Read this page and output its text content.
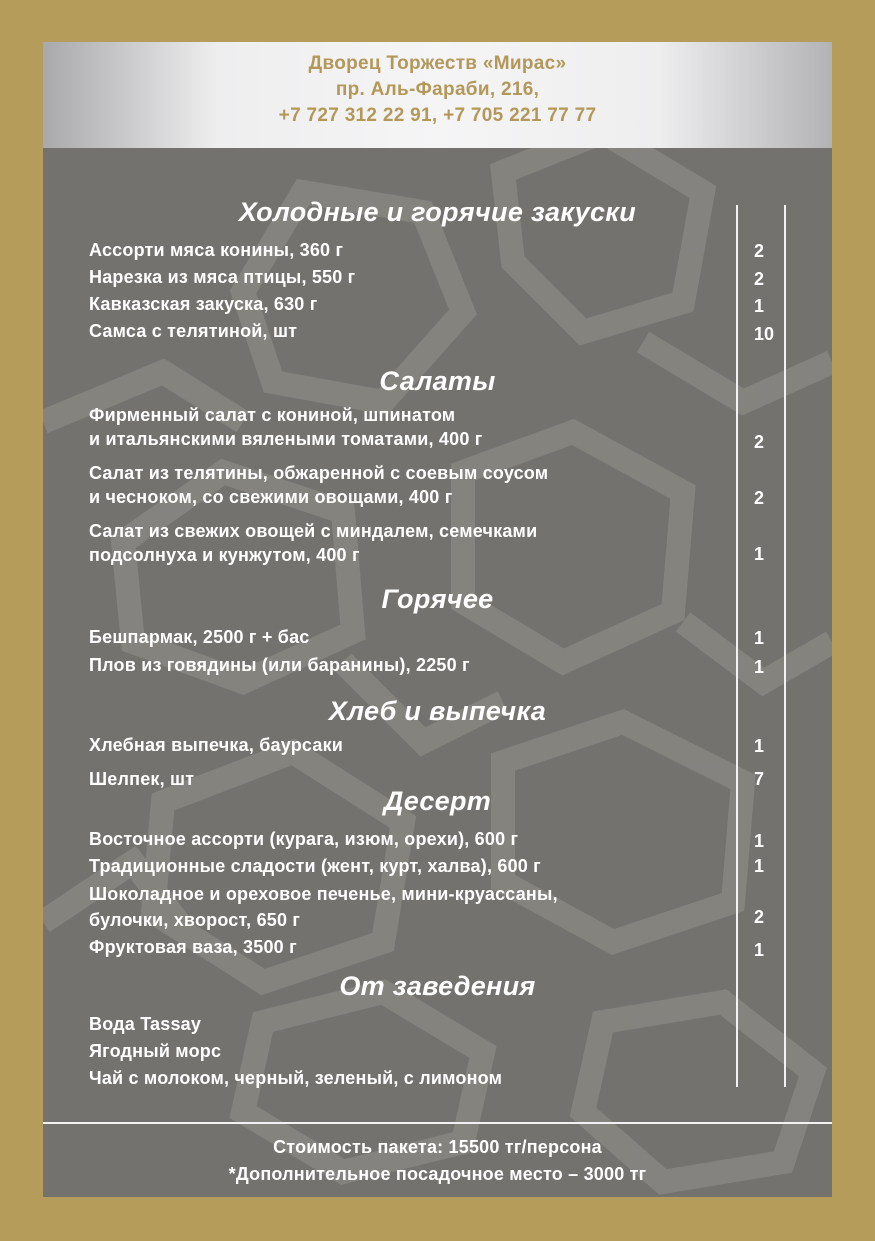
Дворец Торжеств «Мирас»
пр. Аль-Фараби, 216,
+7 727 312 22 91, +7 705 221 77 77
Холодные и горячие закуски
Ассорти мяса конины, 360 г	2
Нарезка из мяса птицы, 550 г	2
Кавказская закуска, 630 г	1
Самса с телятиной, шт	10
Салаты
Фирменный салат с кониной, шпинатом
и итальянскими вялеными томатами, 400 г	2
Салат из телятины, обжаренной с соевым соусом
и чесноком, со свежими овощами, 400 г	2
Салат из свежих овощей с миндалем, семечками
подсолнуха и кунжутом, 400 г	1
Горячее
Бешпармак, 2500 г + бас	1
Плов из говядины (или баранины), 2250 г	1
Хлеб и выпечка
Хлебная выпечка, баурсаки	1
Шелпек, шт	7
Десерт
Восточное ассорти (курага, изюм, орехи), 600 г	1
Традиционные сладости (жент, курт, халва), 600 г	1
Шоколадное и ореховое печенье, мини-круассаны,
булочки, хворост, 650 г	2
Фруктовая ваза, 3500 г	1
От заведения
Вода Tassay
Ягодный морс
Чай с молоком, черный, зеленый, с лимоном
Стоимость пакета: 15500 тг/персона
*Дополнительное посадочное место – 3000 тг
